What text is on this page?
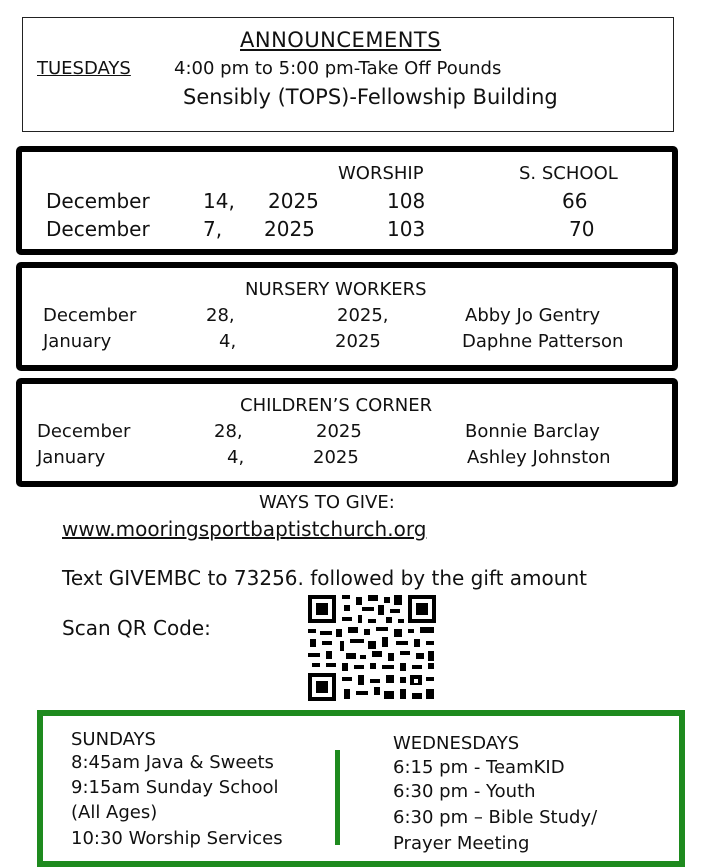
ANNOUNCEMENTS
TUESDAYS 4:00 pm to 5:00 pm-Take Off Pounds
Sensibly (TOPS)-Fellowship Building
WORSHIP	S. SCHOOL
December	14, 2025	108	66
December	7, 2025	103	70
NURSERY WORKERS
December	28,	2025,	Abby Jo Gentry
January	4,	2025	Daphne Patterson
CHILDREN’S CORNER
December	28,	2025	Bonnie Barclay
January	4,	2025	Ashley Johnston
WAYS TO GIVE:
www.mooringsportbaptistchurch.org
Text GIVEMBC to 73256. followed by the gift amount
Scan QR Code:
SUNDAYS
8:45am Java & Sweets
9:15am Sunday School
(All Ages)
10:30 Worship Services
WEDNESDAYS
6:15 pm - TeamKID
6:30 pm - Youth
6:30 pm – Bible Study/
Prayer Meeting
